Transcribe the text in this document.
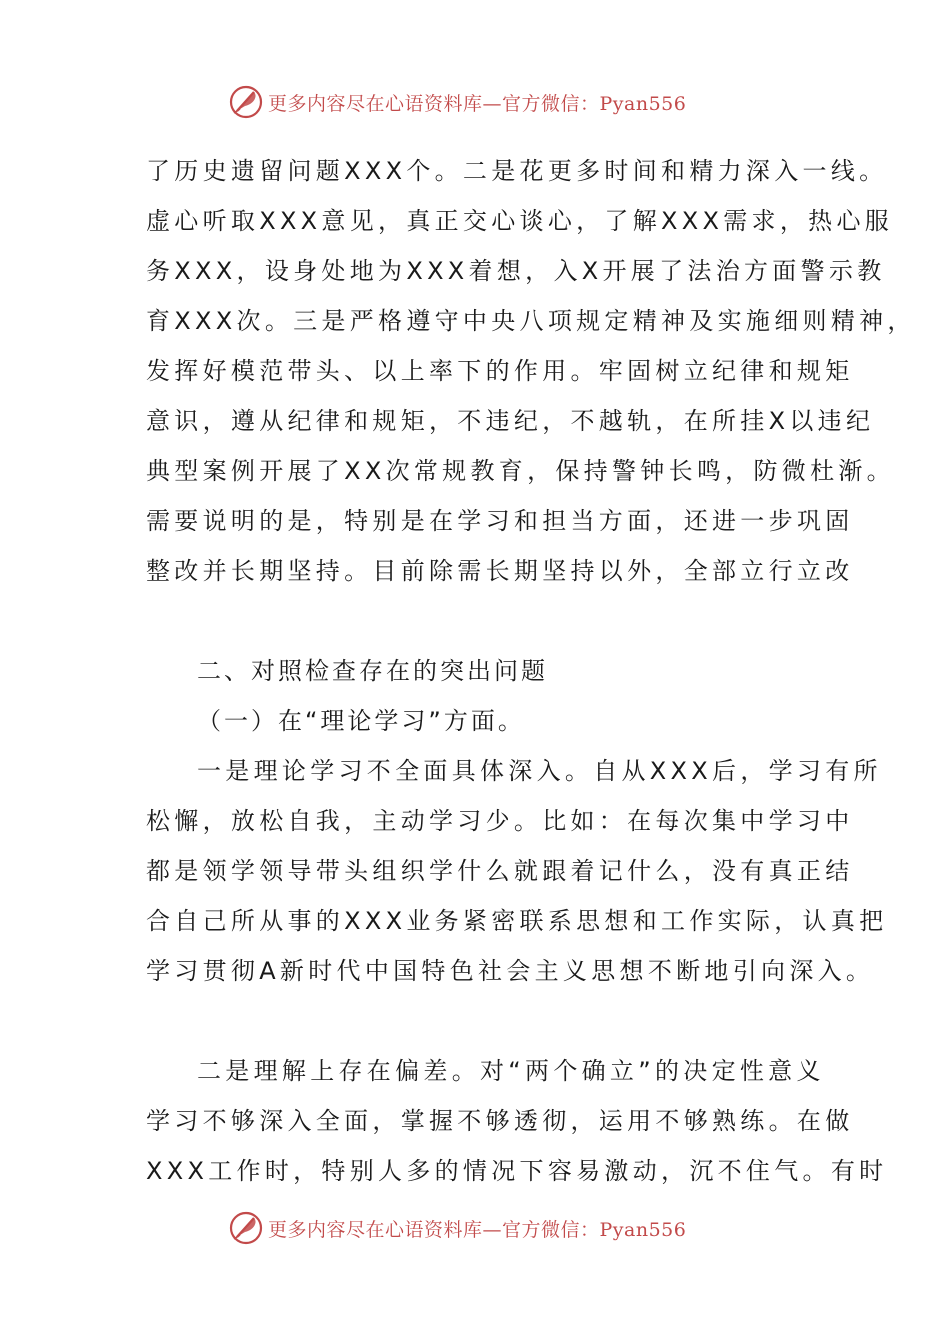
更多内容尽在心语资料库—官方微信：Pyan556
了历史遗留问题XXX个。二是花更多时间和精力深入一线。
虚心听取XXX意见，真正交心谈心，了解XXX需求，热心服
务XXX，设身处地为XXX着想，入X开展了法治方面警示教
育XXX次。三是严格遵守中央八项规定精神及实施细则精神，
发挥好模范带头、以上率下的作用。牢固树立纪律和规矩
意识，遵从纪律和规矩，不违纪，不越轨，在所挂X以违纪
典型案例开展了XX次常规教育，保持警钟长鸣，防微杜渐。
需要说明的是，特别是在学习和担当方面，还进一步巩固
整改并长期坚持。目前除需长期坚持以外，全部立行立改
二、对照检查存在的突出问题
（一）在“理论学习”方面。
一是理论学习不全面具体深入。自从XXX后，学习有所
松懈，放松自我，主动学习少。比如：在每次集中学习中
都是领学领导带头组织学什么就跟着记什么，没有真正结
合自己所从事的XXX业务紧密联系思想和工作实际，认真把
学习贯彻A新时代中国特色社会主义思想不断地引向深入。
二是理解上存在偏差。对“两个确立”的决定性意义
学习不够深入全面，掌握不够透彻，运用不够熟练。在做
XXX工作时，特别人多的情况下容易激动，沉不住气。有时
更多内容尽在心语资料库—官方微信：Pyan556
